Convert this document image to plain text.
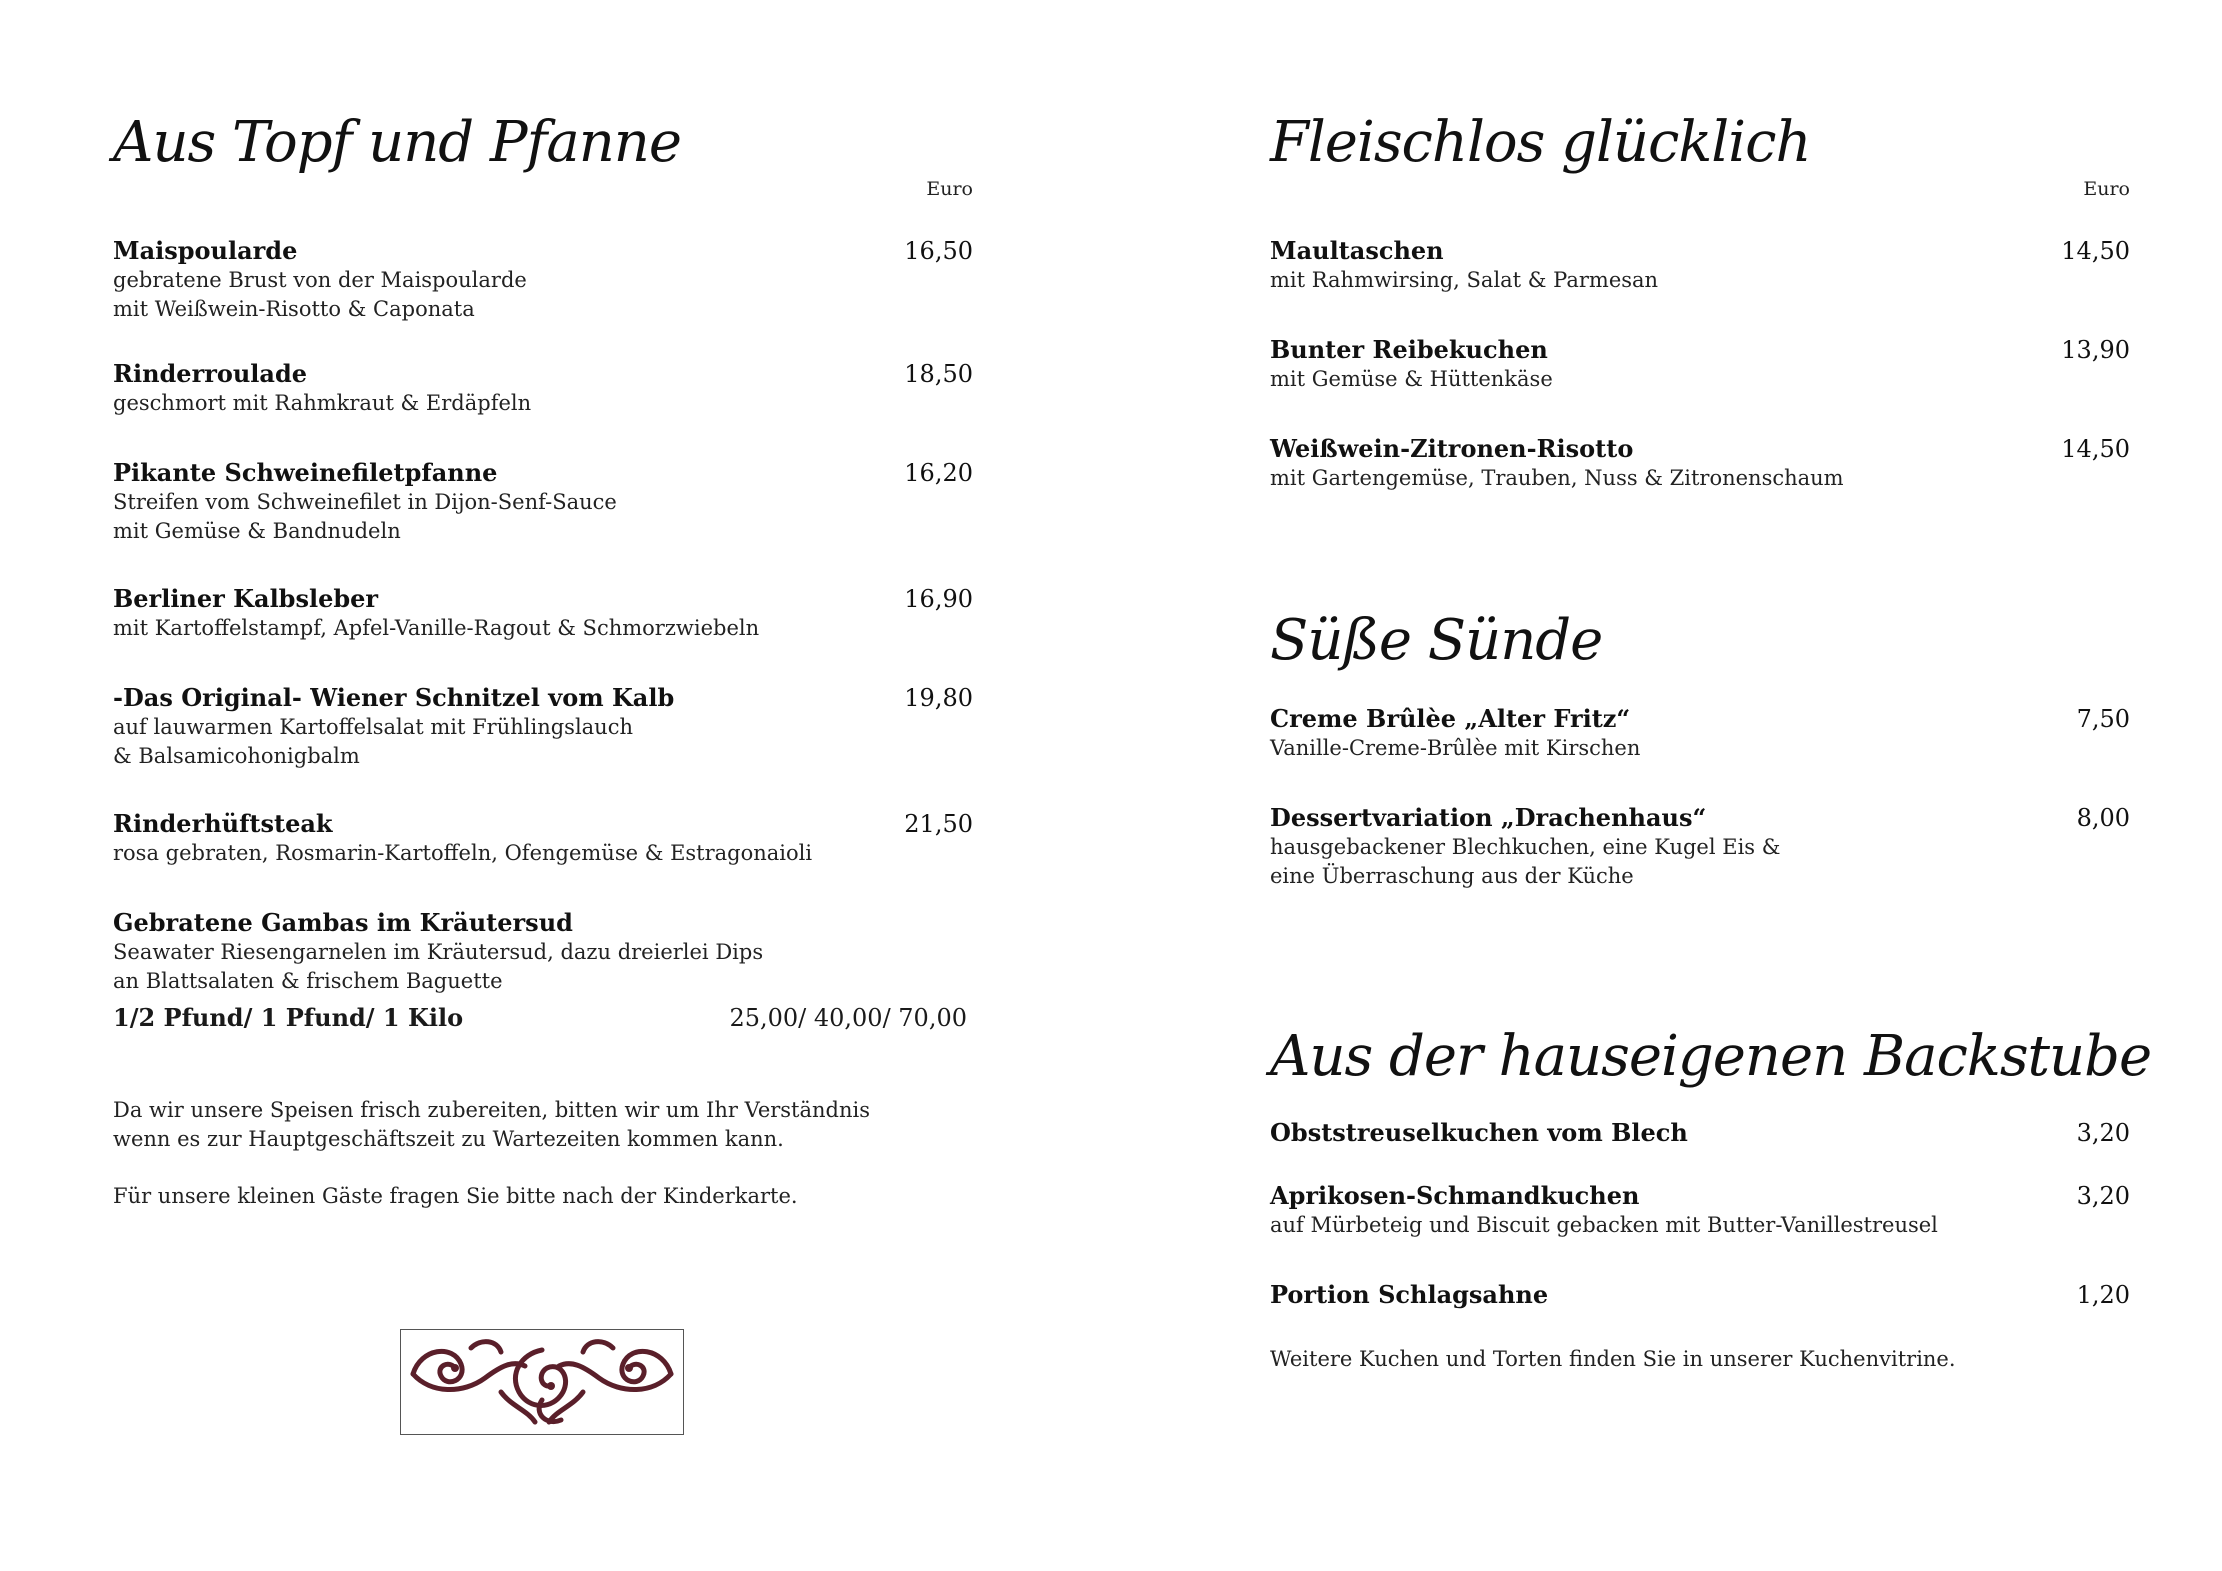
Aus Topf und Pfanne
Euro
Maispoularde	16,50
gebratene Brust von der Maispoularde
mit Weißwein-Risotto & Caponata
Rinderroulade	18,50
geschmort mit Rahmkraut & Erdäpfeln
Pikante Schweinefiletpfanne	16,20
Streifen vom Schweinefilet in Dijon-Senf-Sauce
mit Gemüse & Bandnudeln
Berliner Kalbsleber	16,90
mit Kartoffelstampf, Apfel-Vanille-Ragout & Schmorzwiebeln
-Das Original- Wiener Schnitzel vom Kalb	19,80
auf lauwarmen Kartoffelsalat mit Frühlingslauch
& Balsamicohonigbalm
Rinderhüftsteak	21,50
rosa gebraten, Rosmarin-Kartoffeln, Ofengemüse & Estragonaioli
Gebratene Gambas im Kräutersud
Seawater Riesengarnelen im Kräutersud, dazu dreierlei Dips
an Blattsalaten & frischem Baguette
1/2 Pfund/ 1 Pfund/ 1 Kilo	25,00/ 40,00/ 70,00
Da wir unsere Speisen frisch zubereiten, bitten wir um Ihr Verständnis
wenn es zur Hauptgeschäftszeit zu Wartezeiten kommen kann.
Für unsere kleinen Gäste fragen Sie bitte nach der Kinderkarte.
Fleischlos glücklich
Euro
Maultaschen	14,50
mit Rahmwirsing, Salat & Parmesan
Bunter Reibekuchen	13,90
mit Gemüse & Hüttenkäse
Weißwein-Zitronen-Risotto	14,50
mit Gartengemüse, Trauben, Nuss & Zitronenschaum
Süße Sünde
Creme Brûlèe „Alter Fritz“	7,50
Vanille-Creme-Brûlèe mit Kirschen
Dessertvariation „Drachenhaus“	8,00
hausgebackener Blechkuchen, eine Kugel Eis &
eine Überraschung aus der Küche
Aus der hauseigenen Backstube
Obststreuselkuchen vom Blech	3,20
Aprikosen-Schmandkuchen	3,20
auf Mürbeteig und Biscuit gebacken mit Butter-Vanillestreusel
Portion Schlagsahne	1,20
Weitere Kuchen und Torten finden Sie in unserer Kuchenvitrine.
